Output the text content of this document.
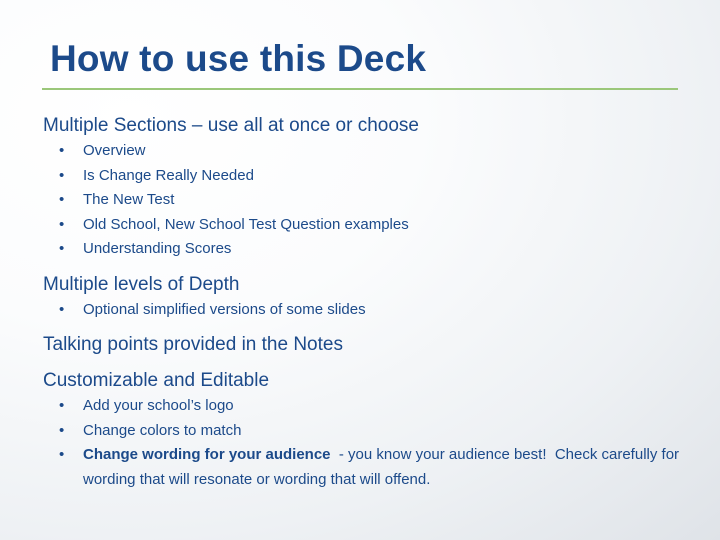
How to use this Deck

Multiple Sections – use all at once or choose

• Overview
• Is Change Really Needed
• The New Test
• Old School, New School Test Question examples
• Understanding Scores

Multiple levels of Depth

• Optional simplified versions of some slides

Talking points provided in the Notes

Customizable and Editable

• Add your school’s logo
• Change colors to match
• Change wording for your audience  - you know your audience best!  Check carefully for wording that will resonate or wording that will offend.
